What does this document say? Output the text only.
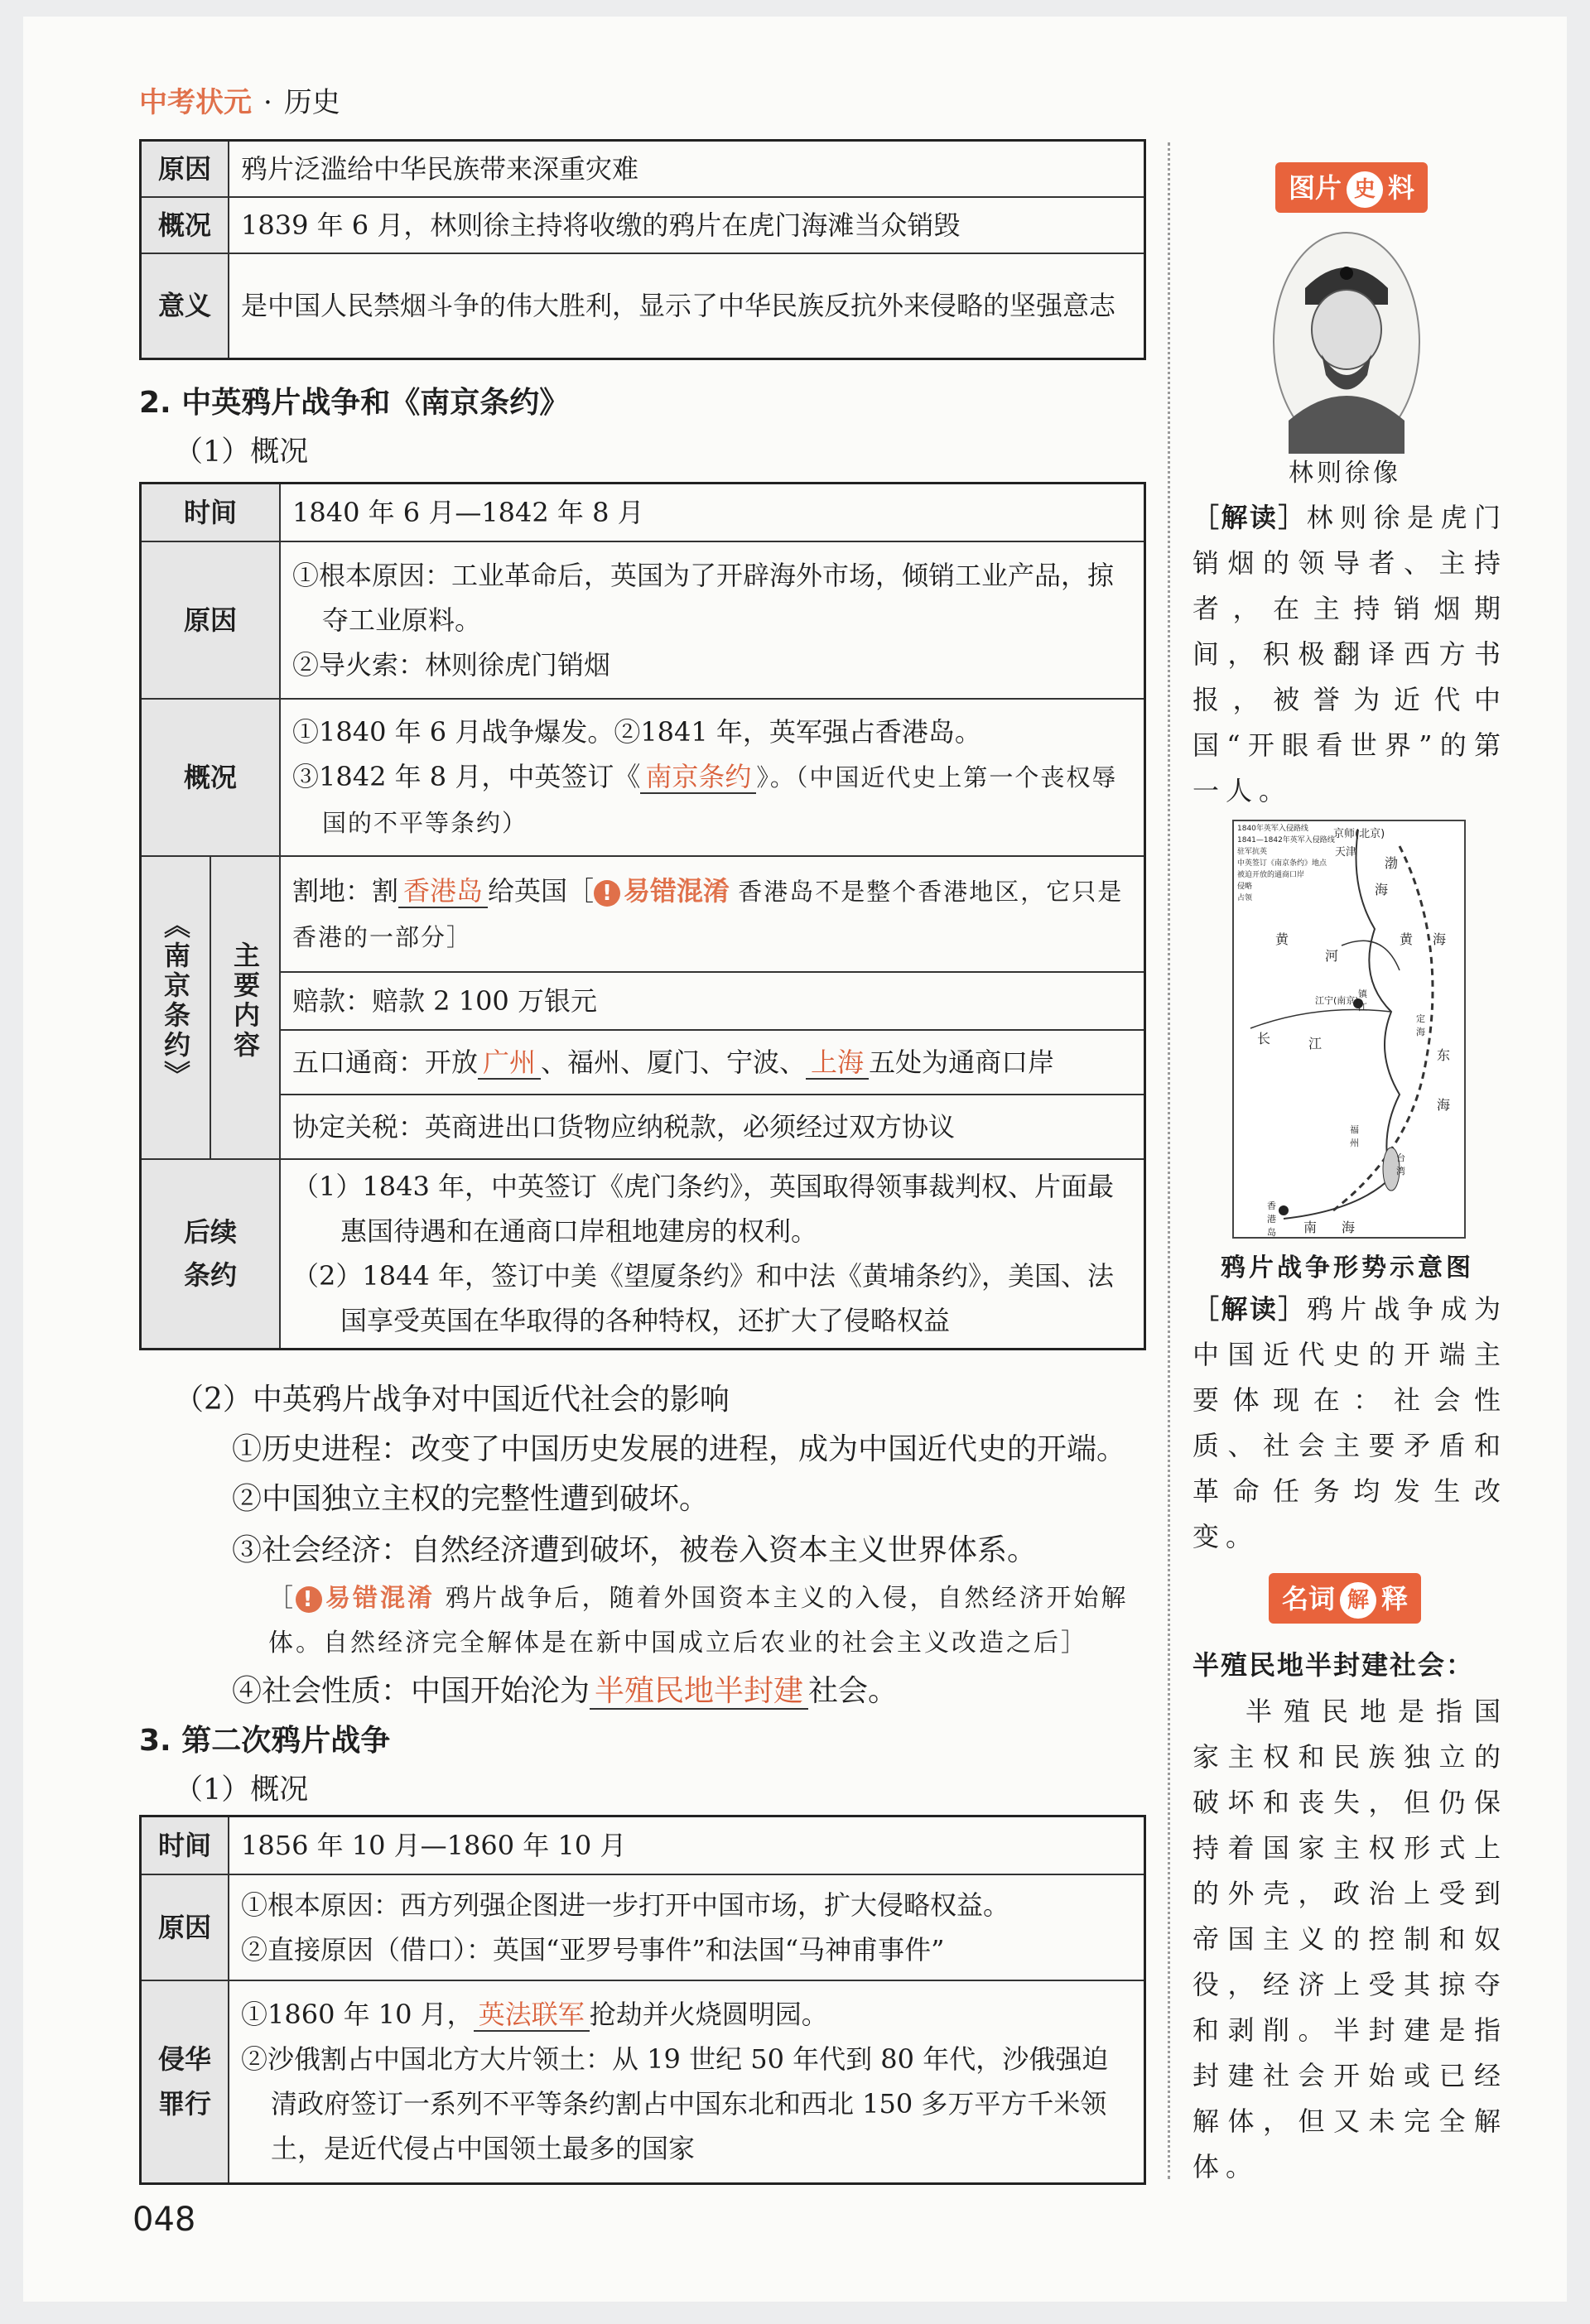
中考状元 · 历史
原因	鸦片泛滥给中华民族带来深重灾难
概况	1839 年 6 月，林则徐主持将收缴的鸦片在虎门海滩当众销毁
意义	是中国人民禁烟斗争的伟大胜利，显示了中华民族反抗外来侵略的坚强意志
2. 中英鸦片战争和《南京条约》
（1）概况
时间		1840 年 6 月—1842 年 8 月
原因		①根本原因：工业革命后，英国为了开辟海外市场，倾销工业产品，掠夺工业原料。
②导火索：林则徐虎门销烟

概况		①1840 年 6 月战争爆发。②1841 年，英军强占香港岛。
③1842 年 8 月，中英签订《 南京条约 》。（中国近代史上第一个丧权辱国的不平等条约）

《南京条约》	主要内容	割地：割 香港岛 给英国［ ! 易错混淆 香港岛不是整个香港地区，它只是香港的一部分］
		赔款：赔款 2 100 万银元
		五口通商：开放 广州 、福州、厦门、宁波、 上海 五处为通商口岸
		协定关税：英商进出口货物应纳税款，必须经过双方协议
后续条约		（1）1843 年，中英签订《虎门条约》，英国取得领事裁判权、片面最惠国待遇和在通商口岸租地建房的权利。
（2）1844 年，签订中美《望厦条约》和中法《黄埔条约》，美国、法国享受英国在华取得的各种特权，还扩大了侵略权益
（2）中英鸦片战争对中国近代社会的影响
①历史进程：改变了中国历史发展的进程，成为中国近代史的开端。
②中国独立主权的完整性遭到破坏。
③社会经济：自然经济遭到破坏，被卷入资本主义世界体系。
［ ! 易错混淆 鸦片战争后，随着外国资本主义的入侵，自然经济开始解体。自然经济完全解体是在新中国成立后农业的社会主义改造之后］
④社会性质：中国开始沦为 半殖民地半封建 社会。
3. 第二次鸦片战争
（1）概况
时间	1856 年 10 月—1860 年 10 月
原因	①根本原因：西方列强企图进一步打开中国市场，扩大侵略权益。
②直接原因（借口）：英国“亚罗号事件”和法国“马神甫事件”

侵华罪行	①1860 年 10 月， 英法联军 抢劫并火烧圆明园。
②沙俄割占中国北方大片领土：从 19 世纪 50 年代到 80 年代，沙俄强迫清政府签订一系列不平等条约割占中国东北和西北 150 多万平方千米领土，是近代侵占中国领土最多的国家
048
图片 史 料
林则徐像
［解读］林则徐是虎门销烟的领导者、主持者，在主持销烟期间，积极翻译西方书报，被誉为近代中国“开眼看世界”的第一人。
1840年英军入侵路线
1841—1842年英军入侵路线
驻军抗英
中英签订《南京条约》地点
被迫开放的通商口岸
侵略
占领
京师(北京)
天津
渤
海
黄
河
黄 海
长	江
江宁(南京)
镇江
定海
东
海
福州
台湾
香港岛 南 海
鸦片战争形势示意图
［解读］鸦片战争成为中国近代史的开端主要体现在：社会性质、社会主要矛盾和革命任务均发生改变。
名词 解 释
半殖民地半封建社会：
半殖民地是指国家主权和民族独立的破坏和丧失，但仍保持着国家主权形式上的外壳，政治上受到帝国主义的控制和奴役，经济上受其掠夺和剥削。半封建是指封建社会开始或已经解体，但又未完全解体。
